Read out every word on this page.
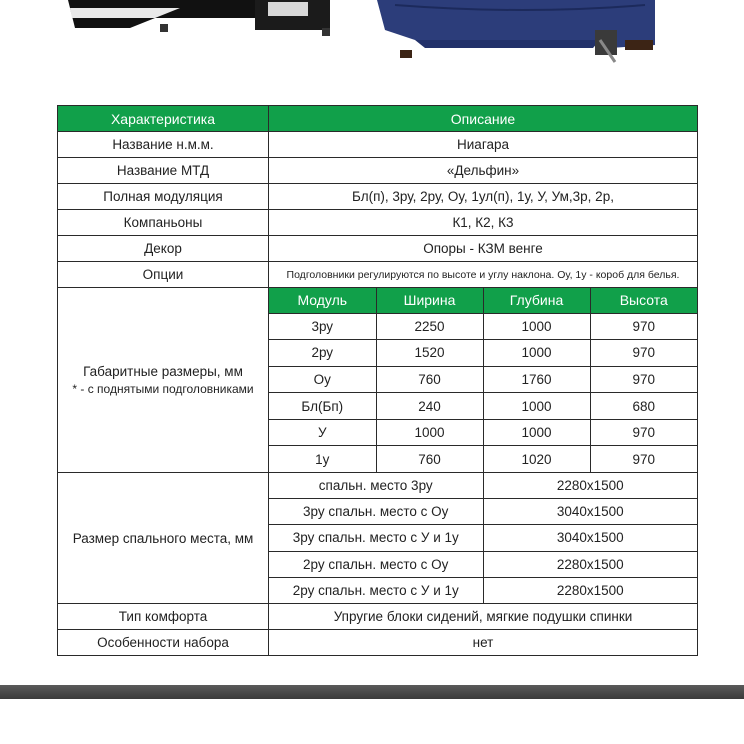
Характеристика	Описание
Название н.м.м.	Ниагара
Название МТД	«Дельфин»
Полная модуляция	Бл(п), 3ру, 2ру, Оу, 1ул(п), 1у, У, Ум,3р, 2р,
Компаньоны	К1, К2, К3
Декор	Опоры - КЗМ венге
Опции	Подголовники регулируются по высоте и углу наклона. Оу, 1у - короб для белья.
Габаритные размеры, мм
* - с поднятыми подголовниками

Модуль	Ширина	Глубина	Высота
3ру	2250	1000	970
2ру	1520	1000	970
Оу	760	1760	970
Бл(Бп)	240	1000	680
У	1000	1000	970
1у	760	1020	970

Размер спального места, мм	
спальн. место 3ру	2280х1500
3ру спальн. место с Оу	3040х1500
3ру спальн. место с У и 1у	3040х1500
2ру спальн. место с Оу	2280х1500
2ру спальн. место с У и 1у	2280х1500

Тип комфорта	Упругие блоки сидений, мягкие подушки спинки
Особенности набора	нет
